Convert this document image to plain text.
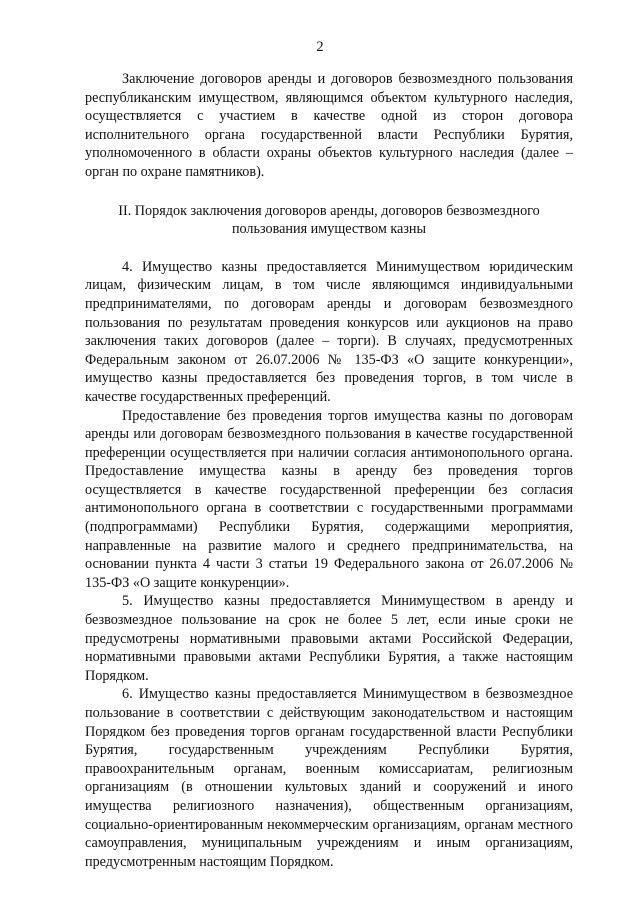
2

Заключение договоров аренды и договоров безвозмездного пользования республиканским имуществом, являющимся объектом культурного наследия, осуществляется с участием в качестве одной из сторон договора исполнительного органа государственной власти Республики Бурятия, уполномоченного в области охраны объектов культурного наследия (далее – орган по охране памятников).

II. Порядок заключения договоров аренды, договоров безвозмездного пользования имуществом казны

4. Имущество казны предоставляется Минимуществом юридическим лицам, физическим лицам, в том числе являющимся индивидуальными предпринимателями, по договорам аренды и договорам безвозмездного пользования по результатам проведения конкурсов или аукционов на право заключения таких договоров (далее – торги). В случаях, предусмотренных Федеральным законом от 26.07.2006 № 135-ФЗ «О защите конкуренции», имущество казны предоставляется без проведения торгов, в том числе в качестве государственных преференций.

Предоставление без проведения торгов имущества казны по договорам аренды или договорам безвозмездного пользования в качестве государственной преференции осуществляется при наличии согласия антимонопольного органа. Предоставление имущества казны в аренду без проведения торгов осуществляется в качестве государственной преференции без согласия антимонопольного органа в соответствии с государственными программами (подпрограммами) Республики Бурятия, содержащими мероприятия, направленные на развитие малого и среднего предпринимательства, на основании пункта 4 части 3 статьи 19 Федерального закона от 26.07.2006 № 135-ФЗ «О защите конкуренции».

5. Имущество казны предоставляется Минимуществом в аренду и безвозмездное пользование на срок не более 5 лет, если иные сроки не предусмотрены нормативными правовыми актами Российской Федерации, нормативными правовыми актами Республики Бурятия, а также настоящим Порядком.

6. Имущество казны предоставляется Минимуществом в безвозмездное пользование в соответствии с действующим законодательством и настоящим Порядком без проведения торгов органам государственной власти Республики Бурятия, государственным учреждениям Республики Бурятия, правоохранительным органам, военным комиссариатам, религиозным организациям (в отношении культовых зданий и сооружений и иного имущества религиозного назначения), общественным организациям, социально-ориентированным некоммерческим организациям, органам местного самоуправления, муниципальным учреждениям и иным организациям, предусмотренным настоящим Порядком.
